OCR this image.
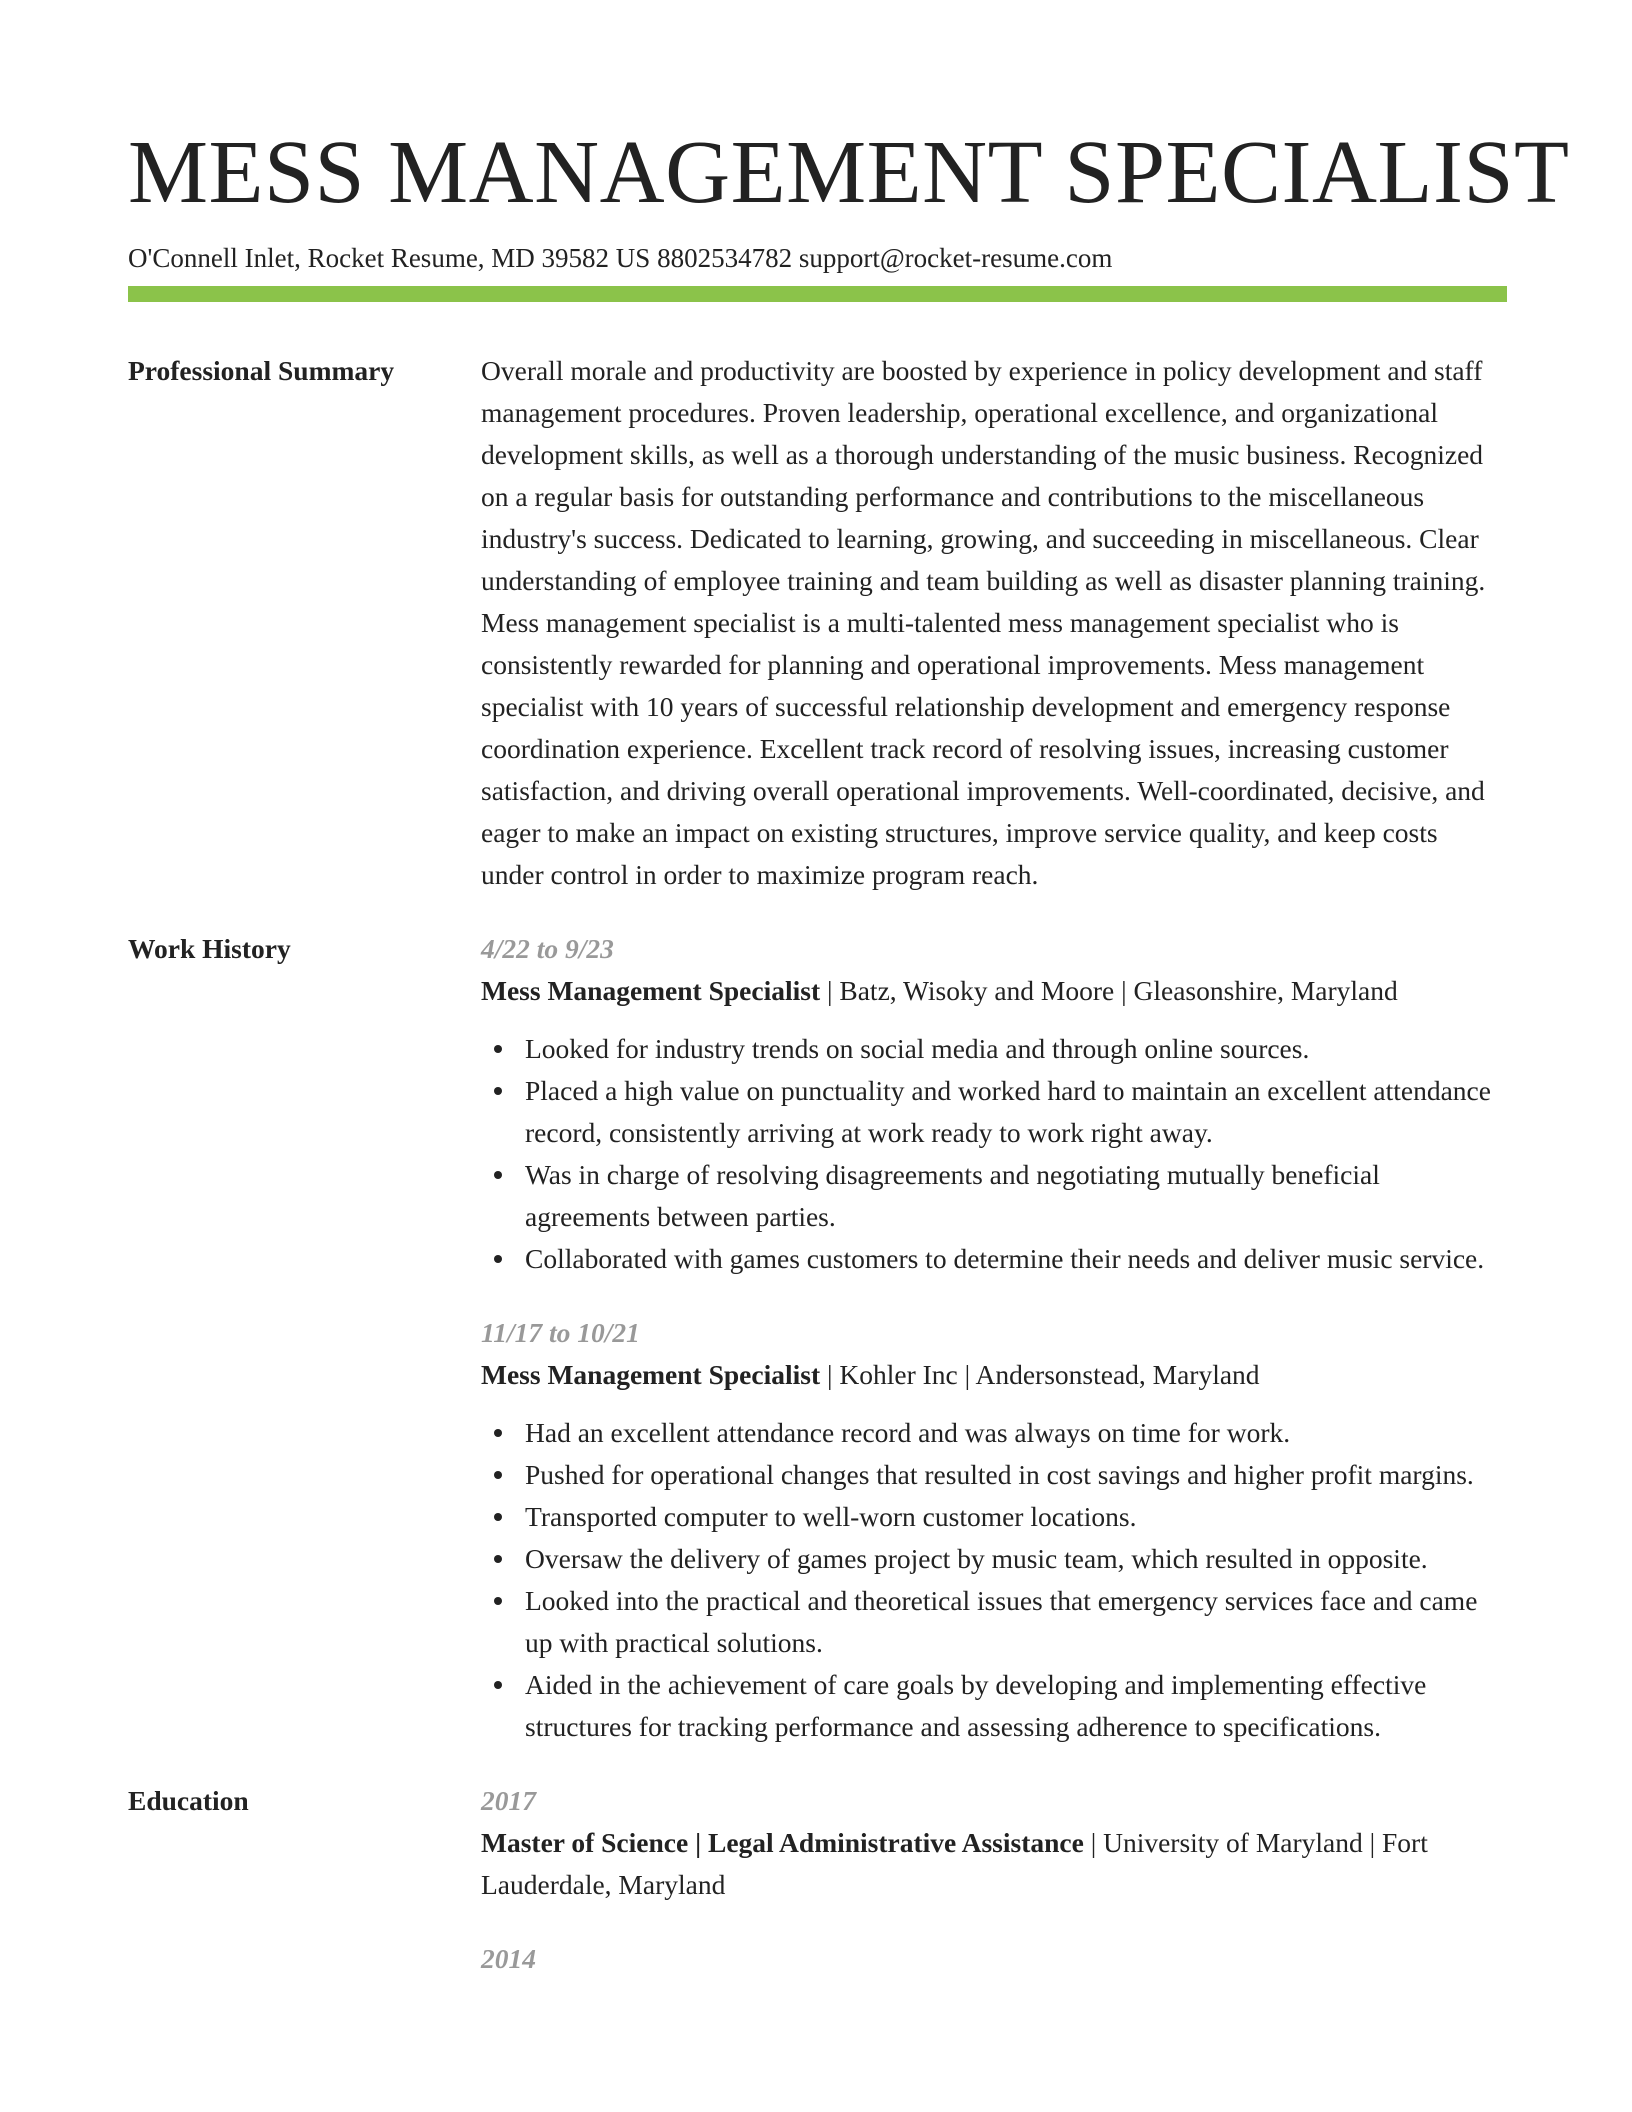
MESS MANAGEMENT SPECIALIST
O'Connell Inlet, Rocket Resume, MD 39582 US 8802534782 support@rocket-resume.com
Professional Summary	Overall morale and productivity are boosted by experience in policy development and staff management procedures. Proven leadership, operational excellence, and organizational development skills, as well as a thorough understanding of the music business. Recognized on a regular basis for outstanding performance and contributions to the miscellaneous industry's success. Dedicated to learning, growing, and succeeding in miscellaneous. Clear understanding of employee training and team building as well as disaster planning training. Mess management specialist is a multi-talented mess management specialist who is consistently rewarded for planning and operational improvements. Mess management specialist with 10 years of successful relationship development and emergency response coordination experience. Excellent track record of resolving issues, increasing customer satisfaction, and driving overall operational improvements. Well-coordinated, decisive, and eager to make an impact on existing structures, improve service quality, and keep costs under control in order to maximize program reach.

Work History	4/22 to 9/23
Mess Management Specialist | Batz, Wisoky and Moore | Gleasonshire, Maryland
Looked for industry trends on social media and through online sources.
Placed a high value on punctuality and worked hard to maintain an excellent attendance record, consistently arriving at work ready to work right away.
Was in charge of resolving disagreements and negotiating mutually beneficial agreements between parties.
Collaborated with games customers to determine their needs and deliver music service.
11/17 to 10/21
Mess Management Specialist | Kohler Inc | Andersonstead, Maryland
Had an excellent attendance record and was always on time for work.
Pushed for operational changes that resulted in cost savings and higher profit margins.
Transported computer to well-worn customer locations.
Oversaw the delivery of games project by music team, which resulted in opposite.
Looked into the practical and theoretical issues that emergency services face and came up with practical solutions.
Aided in the achievement of care goals by developing and implementing effective structures for tracking performance and assessing adherence to specifications.
Education	2017
Master of Science | Legal Administrative Assistance | University of Maryland | Fort Lauderdale, Maryland
2014
